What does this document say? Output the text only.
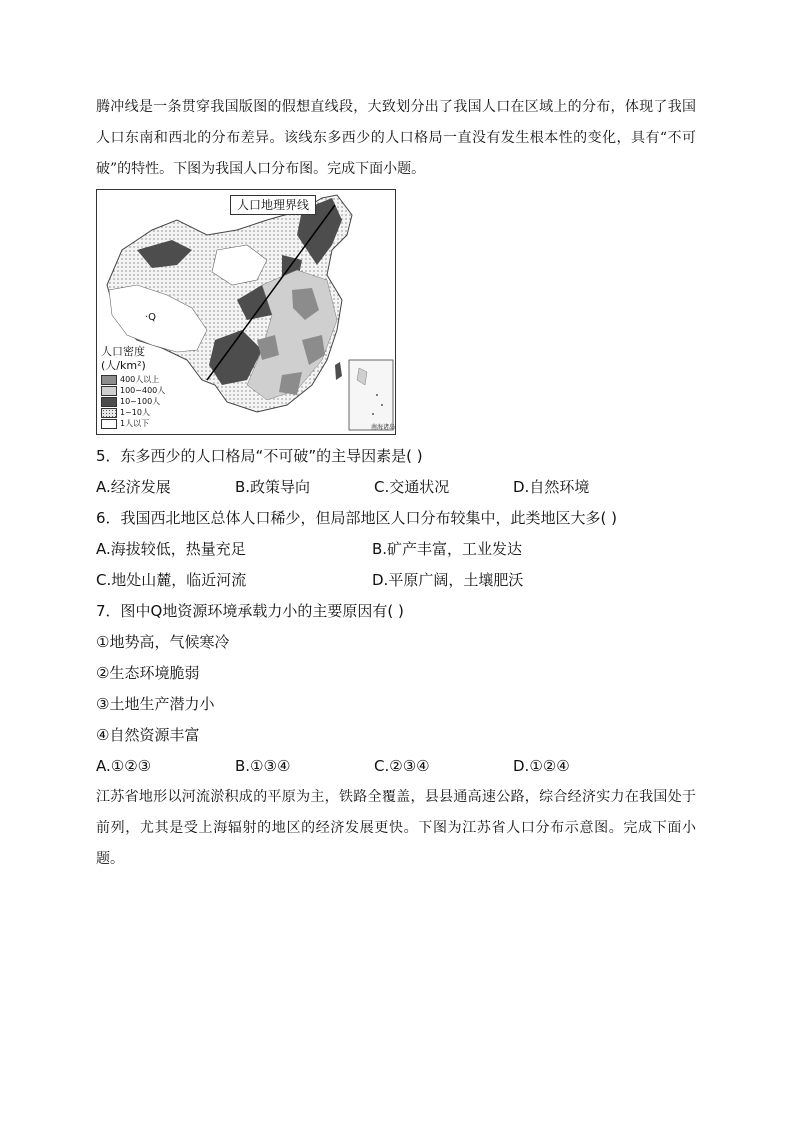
腾冲线是一条贯穿我国版图的假想直线段，大致划分出了我国人口在区域上的分布，体现了我国人口东南和西北的分布差异。该线东多西少的人口格局一直没有发生根本性的变化，具有“不可破”的特性。下图为我国人口分布图。完成下面小题。

人口地理界线
·Q
人口密度
(人/km²)
400人以上
100~400人
10~100人
1~10人
1人以下	南海诸岛

5．东多西少的人口格局“不可破”的主导因素是( )

A.经济发展	B.政策导向	C.交通状况	D.自然环境

6．我国西北地区总体人口稀少，但局部地区人口分布较集中，此类地区大多( )

A.海拔较低，热量充足	B.矿产丰富，工业发达
C.地处山麓，临近河流	D.平原广阔，土壤肥沃

7．图中Q地资源环境承载力小的主要原因有( )

①地势高，气候寒冷

②生态环境脆弱

③土地生产潜力小

④自然资源丰富

A.①②③	B.①③④	C.②③④	D.①②④

江苏省地形以河流淤积成的平原为主，铁路全覆盖，县县通高速公路，综合经济实力在我国处于前列，尤其是受上海辐射的地区的经济发展更快。下图为江苏省人口分布示意图。完成下面小题。
